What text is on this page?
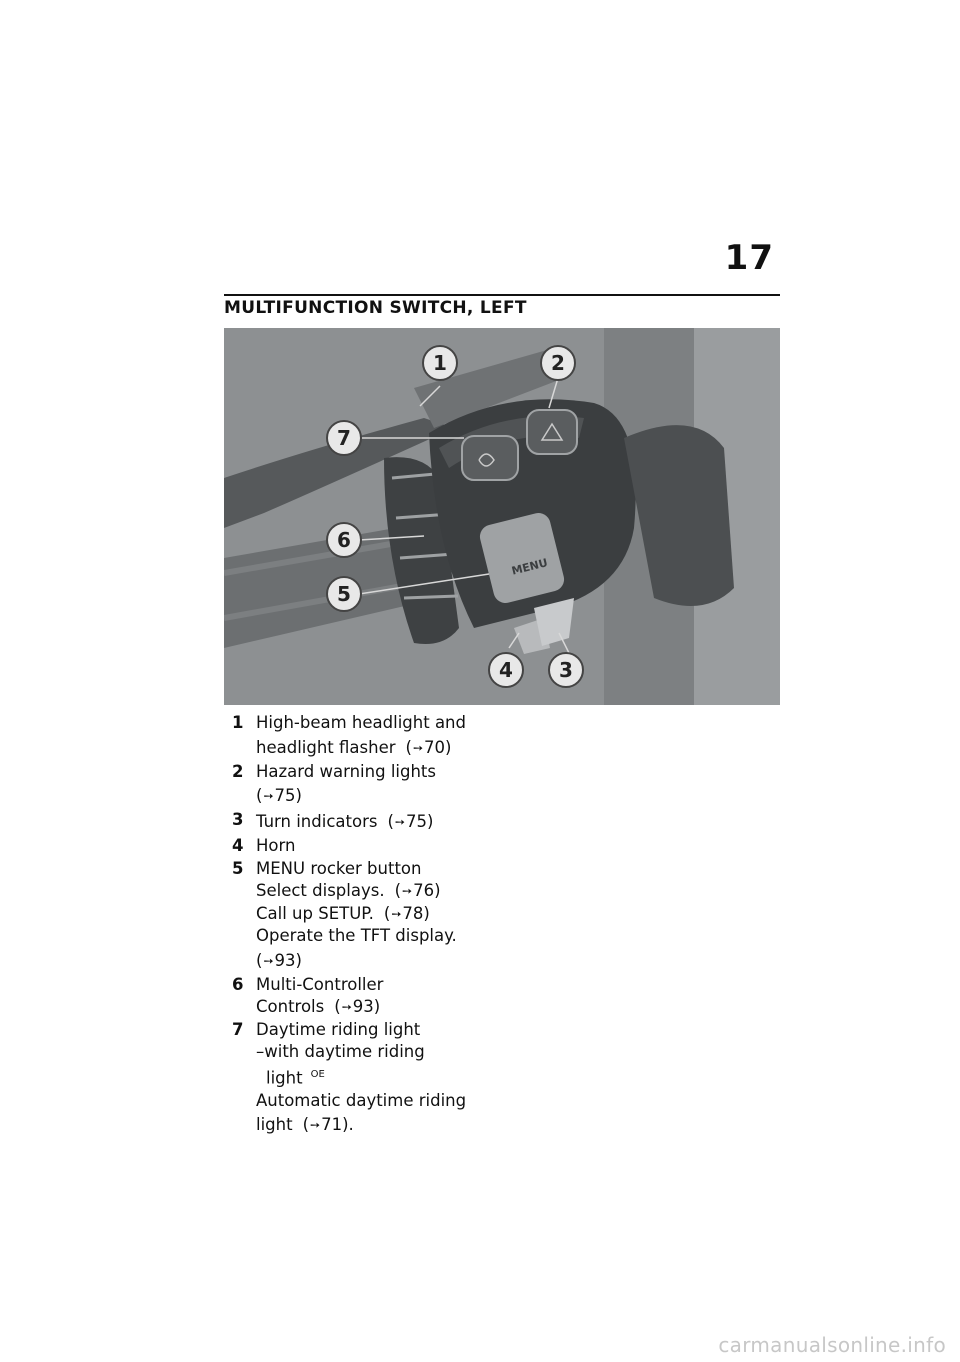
17
MULTIFUNCTION SWITCH, LEFT
MENU
1	2
7
6
5
4 3
1 High-beam headlight and
headlight flasher (➙70)
2 Hazard warning lights
(➙75)
3 Turn indicators (➙75)
4 Horn
5 MENU rocker button
Select displays. (➙76)
Call up SETUP. (➙78)
Operate the TFT display.
(➙93)
6 Multi-Controller
Controls (➙93)
7 Daytime riding light
–with daytime riding
light $^{OE}$
Automatic daytime riding
light (➙71).
carmanualsonline.info
